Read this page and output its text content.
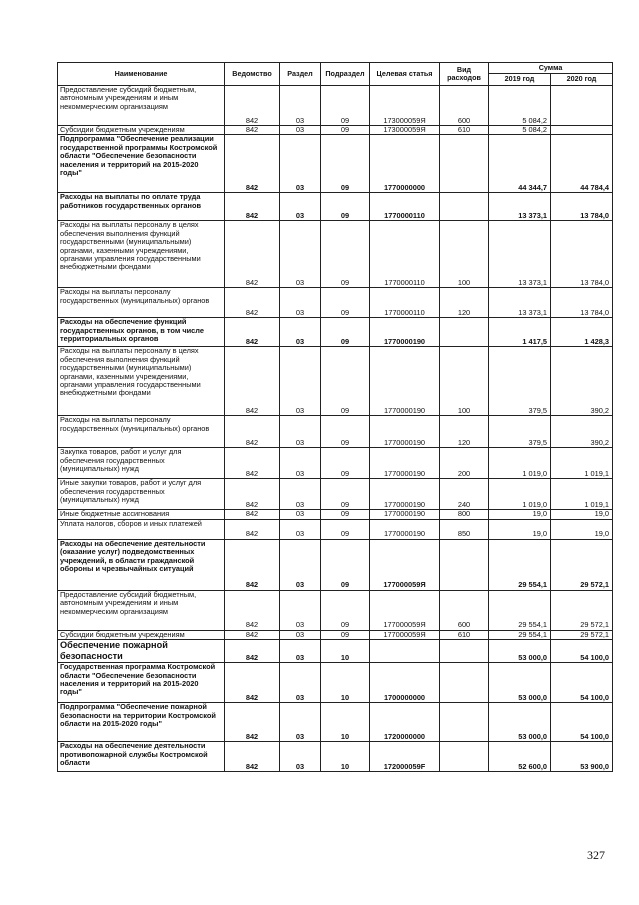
Наименование	Ведомство	Раздел	Подраздел	Целевая статья	Вид расходов	Сумма	
						2019 год	2020 год
Предоставление субсидий бюджетным, автономным учреждениям и иным некоммерческим организациям	842	03	09	173000059Я	600	5 084,2	
Субсидии бюджетным учреждениям	842	03	09	173000059Я	610	5 084,2	
Подпрограмма "Обеспечение реализации государственной программы Костромской области "Обеспечение безопасности населения и территорий на 2015-2020 годы"	842	03	09	1770000000		44 344,7	44 784,4
Расходы на выплаты по оплате труда работников государственных органов	842	03	09	1770000110		13 373,1	13 784,0
Расходы на выплаты персоналу в целях обеспечения выполнения функций государственными (муниципальными) органами, казенными учреждениями, органами управления государственными внебюджетными фондами	842	03	09	1770000110	100	13 373,1	13 784,0
Расходы на выплаты персоналу государственных (муниципальных) органов	842	03	09	1770000110	120	13 373,1	13 784,0
Расходы на обеспечение функций государственных органов, в том числе территориальных органов	842	03	09	1770000190		1 417,5	1 428,3
Расходы на выплаты персоналу в целях обеспечения выполнения функций государственными (муниципальными) органами, казенными учреждениями, органами управления государственными внебюджетными фондами	842	03	09	1770000190	100	379,5	390,2
Расходы на выплаты персоналу государственных (муниципальных) органов	842	03	09	1770000190	120	379,5	390,2
Закупка товаров, работ и услуг для обеспечения государственных (муниципальных) нужд	842	03	09	1770000190	200	1 019,0	1 019,1
Иные закупки товаров, работ и услуг для обеспечения государственных (муниципальных) нужд	842	03	09	1770000190	240	1 019,0	1 019,1
Иные бюджетные ассигнования	842	03	09	1770000190	800	19,0	19,0
Уплата налогов, сборов и иных платежей	842	03	09	1770000190	850	19,0	19,0
Расходы на обеспечение деятельности (оказание услуг) подведомственных учреждений, в области гражданской обороны и чрезвычайных ситуаций	842	03	09	177000059Я		29 554,1	29 572,1
Предоставление субсидий бюджетным, автономным учреждениям и иным некоммерческим организациям	842	03	09	177000059Я	600	29 554,1	29 572,1
Субсидии бюджетным учреждениям	842	03	09	177000059Я	610	29 554,1	29 572,1
Обеспечение пожарной безопасности	842	03	10			53 000,0	54 100,0
Государственная программа Костромской области "Обеспечение безопасности населения и территорий на 2015-2020 годы"	842	03	10	1700000000		53 000,0	54 100,0
Подпрограмма "Обеспечение пожарной безопасности на территории Костромской области на 2015-2020 годы"	842	03	10	1720000000		53 000,0	54 100,0
Расходы на обеспечение деятельности противопожарной службы Костромской области	842	03	10	172000059F		52 600,0	53 900,0
327
